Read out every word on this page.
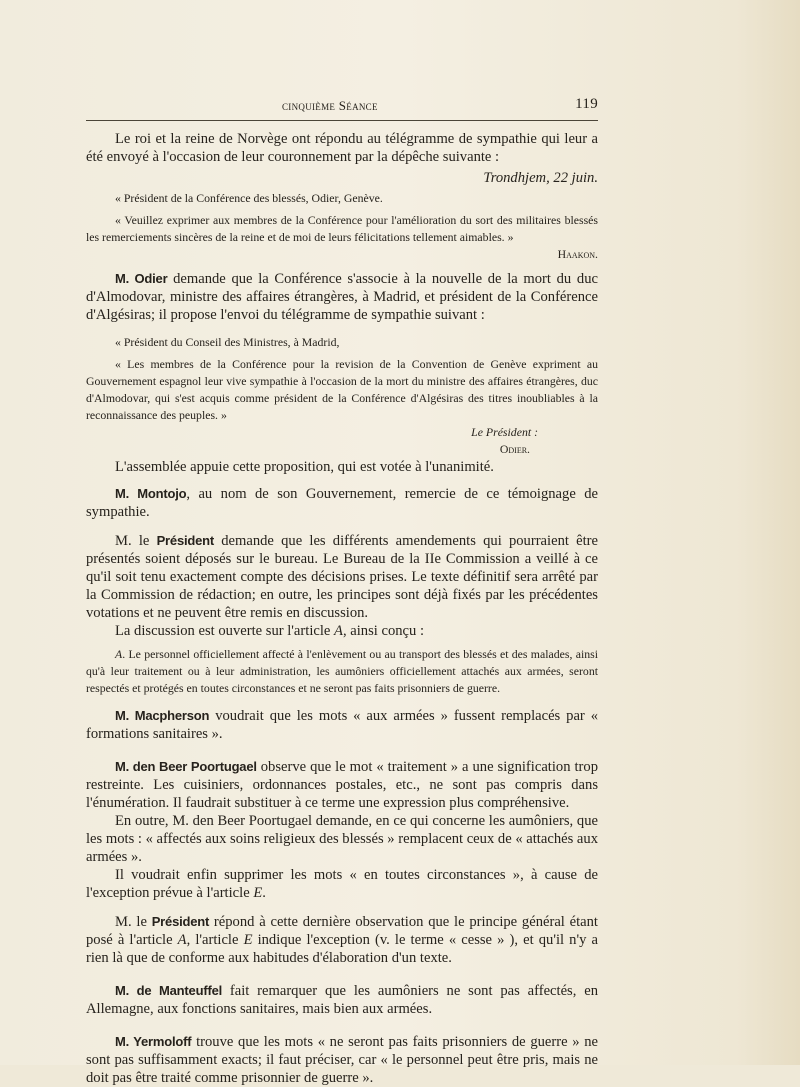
cinquième Séance	119

Le roi et la reine de Norvège ont répondu au télégramme de sympathie qui leur a été envoyé à l'occasion de leur couronnement par la dépêche suivante :

Trondhjem, 22 juin.

« Président de la Conférence des blessés, Odier, Genève.

« Veuillez exprimer aux membres de la Conférence pour l'amélioration du sort des militaires blessés les remerciements sincères de la reine et de moi de leurs félicitations tellement aimables. »

Haakon.

M. Odier demande que la Conférence s'associe à la nouvelle de la mort du duc d'Almodovar, ministre des affaires étrangères, à Madrid, et président de la Conférence d'Algésiras; il propose l'envoi du télégramme de sympathie suivant :

« Président du Conseil des Ministres, à Madrid,

« Les membres de la Conférence pour la revision de la Convention de Genève expriment au Gouvernement espagnol leur vive sympathie à l'occasion de la mort du ministre des affaires étrangères, duc d'Almodovar, qui s'est acquis comme président de la Conférence d'Algésiras des titres inoubliables à la reconnaissance des peuples. »

Le Président :

Odier.

L'assemblée appuie cette proposition, qui est votée à l'unanimité.

M. Montojo, au nom de son Gouvernement, remercie de ce témoignage de sympathie.

M. le Président demande que les différents amendements qui pourraient être présentés soient déposés sur le bureau. Le Bureau de la IIe Commission a veillé à ce qu'il soit tenu exactement compte des décisions prises. Le texte définitif sera arrêté par la Commission de rédaction; en outre, les principes sont déjà fixés par les précédentes votations et ne peuvent être remis en discussion.

La discussion est ouverte sur l'article A, ainsi conçu :

A. Le personnel officiellement affecté à l'enlèvement ou au transport des blessés et des malades, ainsi qu'à leur traitement ou à leur administration, les aumôniers officiellement attachés aux armées, seront respectés et protégés en toutes circonstances et ne seront pas faits prisonniers de guerre.

M. Macpherson voudrait que les mots « aux armées » fussent remplacés par « formations sanitaires ».

M. den Beer Poortugael observe que le mot « traitement » a une signification trop restreinte. Les cuisiniers, ordonnances postales, etc., ne sont pas compris dans l'énumération. Il faudrait substituer à ce terme une expression plus compréhensive.

En outre, M. den Beer Poortugael demande, en ce qui concerne les aumôniers, que les mots : « affectés aux soins religieux des blessés » remplacent ceux de « attachés aux armées ».

Il voudrait enfin supprimer les mots « en toutes circonstances », à cause de l'exception prévue à l'article E.

M. le Président répond à cette dernière observation que le principe général étant posé à l'article A, l'article E indique l'exception (v. le terme « cesse » ), et qu'il n'y a rien là que de conforme aux habitudes d'élaboration d'un texte.

M. de Manteuffel fait remarquer que les aumôniers ne sont pas affectés, en Allemagne, aux fonctions sanitaires, mais bien aux armées.

M. Yermoloff trouve que les mots « ne seront pas faits prisonniers de guerre » ne sont pas suffisamment exacts; il faut préciser, car « le personnel peut être pris, mais ne doit pas être traité comme prisonnier de guerre ».
